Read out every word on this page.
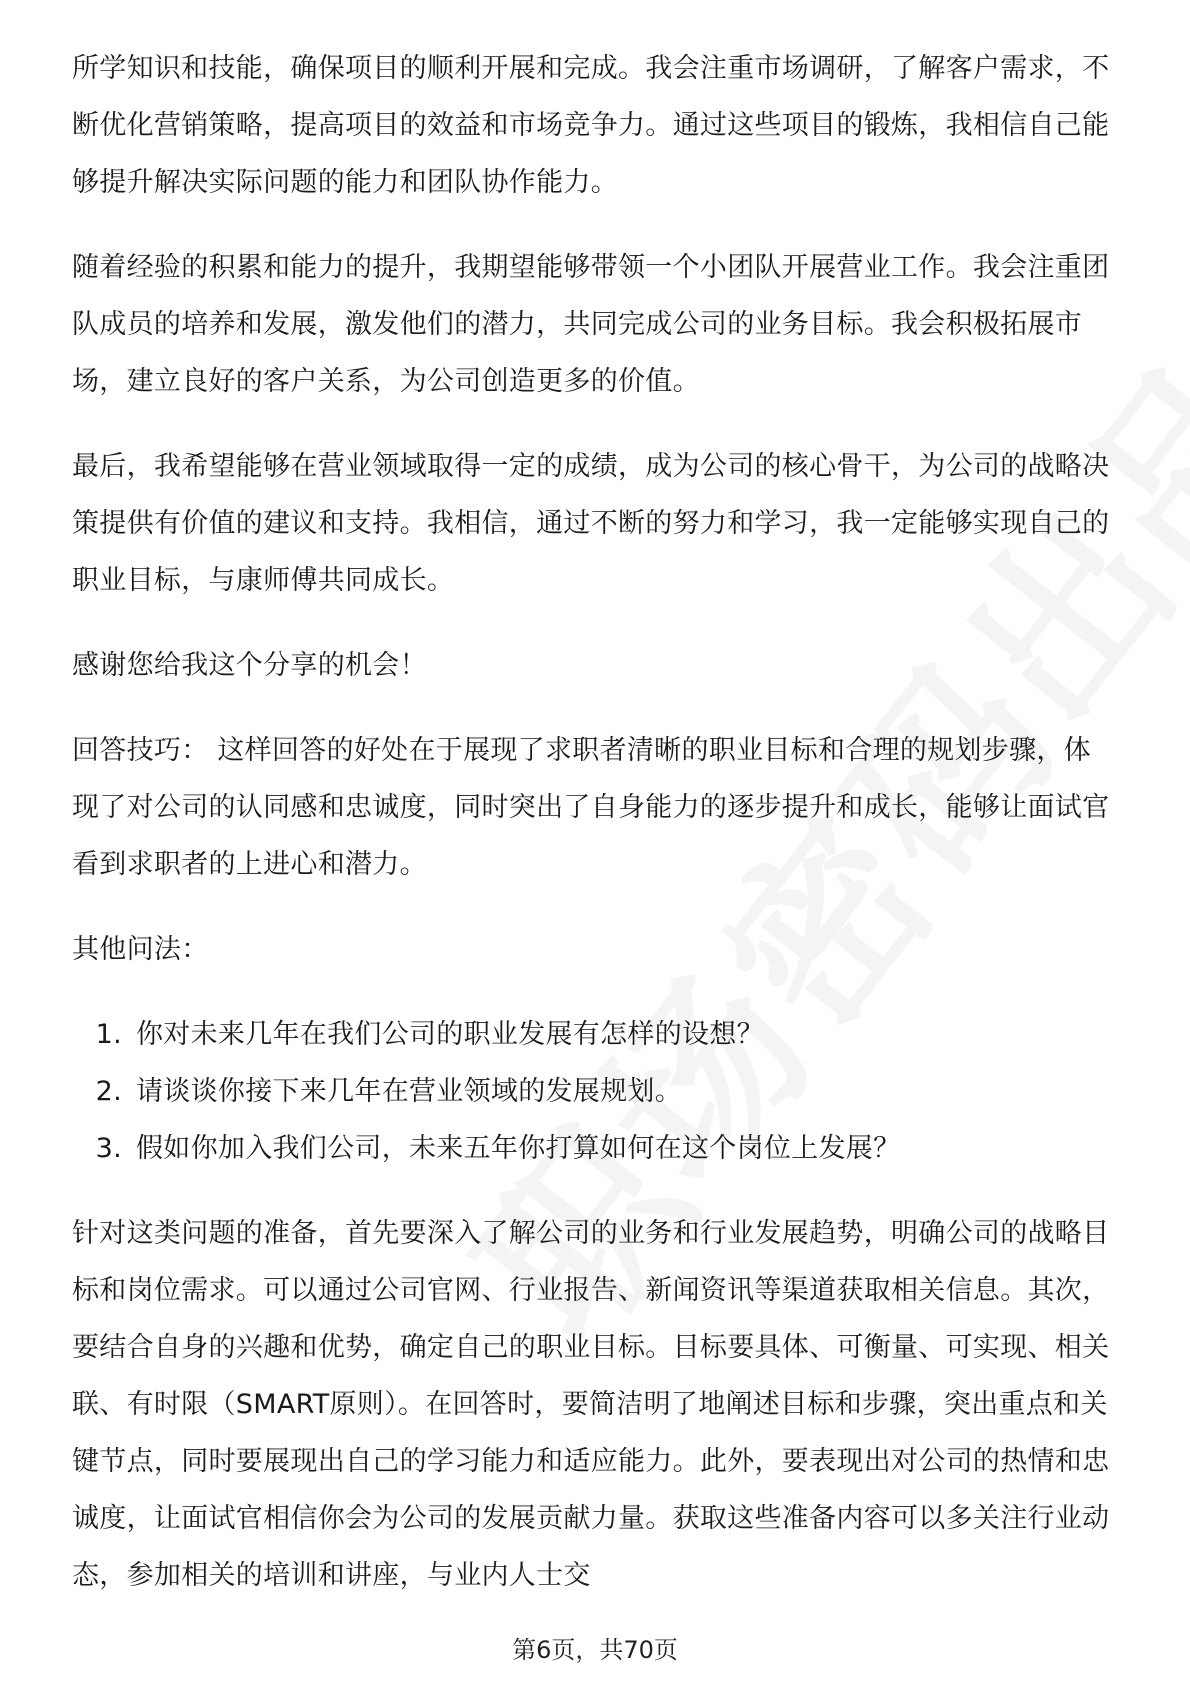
所学知识和技能，确保项目的顺利开展和完成。我会注重市场调研，了解客户需求，不断优化营销策略，提高项目的效益和市场竞争力。通过这些项目的锻炼，我相信自己能够提升解决实际问题的能力和团队协作能力。

随着经验的积累和能力的提升，我期望能够带领一个小团队开展营业工作。我会注重团队成员的培养和发展，激发他们的潜力，共同完成公司的业务目标。我会积极拓展市场，建立良好的客户关系，为公司创造更多的价值。

最后，我希望能够在营业领域取得一定的成绩，成为公司的核心骨干，为公司的战略决策提供有价值的建议和支持。我相信，通过不断的努力和学习，我一定能够实现自己的职业目标，与康师傅共同成长。

感谢您给我这个分享的机会！

回答技巧： 这样回答的好处在于展现了求职者清晰的职业目标和合理的规划步骤，体现了对公司的认同感和忠诚度，同时突出了自身能力的逐步提升和成长，能够让面试官看到求职者的上进心和潜力。

其他问法：

1. 你对未来几年在我们公司的职业发展有怎样的设想？
2. 请谈谈你接下来几年在营业领域的发展规划。
3. 假如你加入我们公司，未来五年你打算如何在这个岗位上发展？

针对这类问题的准备，首先要深入了解公司的业务和行业发展趋势，明确公司的战略目标和岗位需求。可以通过公司官网、行业报告、新闻资讯等渠道获取相关信息。其次，要结合自身的兴趣和优势，确定自己的职业目标。目标要具体、可衡量、可实现、相关联、有时限（SMART原则）。在回答时，要简洁明了地阐述目标和步骤，突出重点和关键节点，同时要展现出自己的学习能力和适应能力。此外，要表现出对公司的热情和忠诚度，让面试官相信你会为公司的发展贡献力量。获取这些准备内容可以多关注行业动态，参加相关的培训和讲座，与业内人士交

第6页，共70页
